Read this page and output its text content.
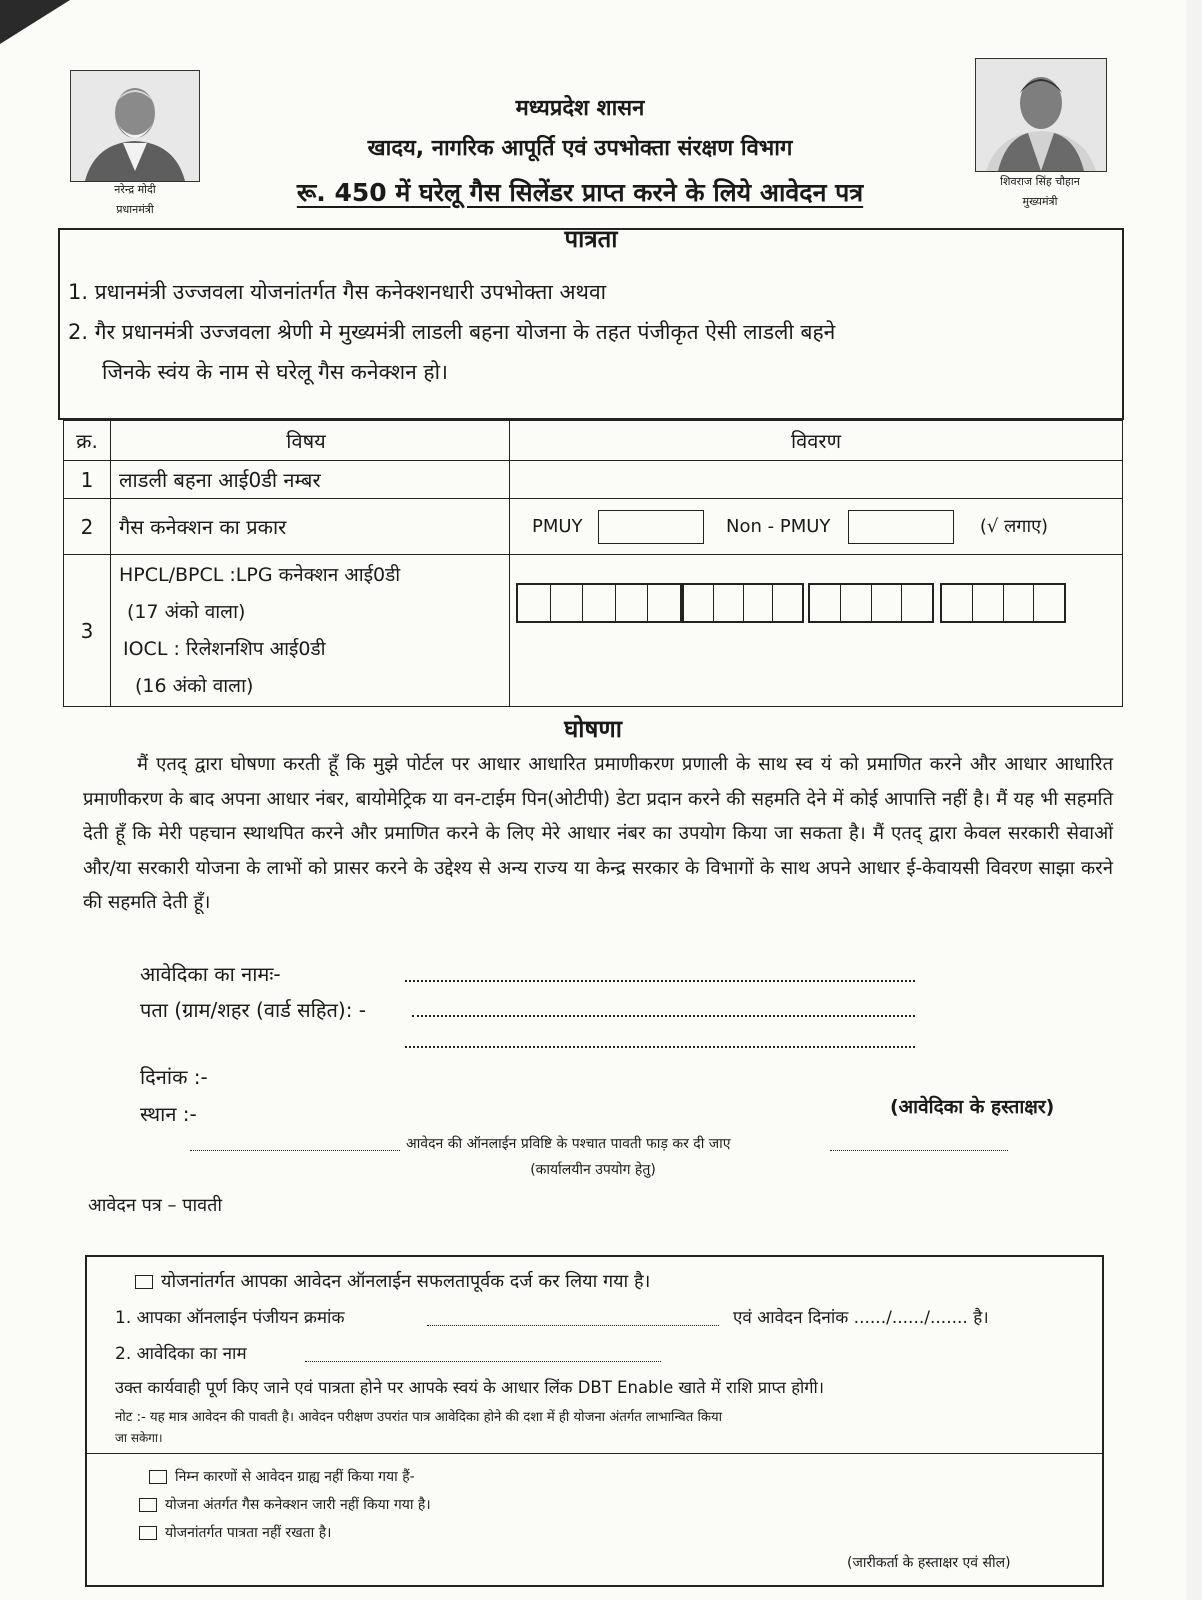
नरेन्द्र मोदी
प्रधानमंत्री
शिवराज सिंह चौहान
मुख्यमंत्री
मध्यप्रदेश शासन
खादय, नागरिक आपूर्ति एवं उपभोक्ता संरक्षण विभाग
रू. 450 में घरेलू गैस सिलेंडर प्राप्त करने के लिये आवेदन पत्र
पात्रता
1. प्रधानमंत्री उज्जवला योजनांतर्गत गैस कनेक्शनधारी उपभोक्ता अथवा
2. गैर प्रधानमंत्री उज्जवला श्रेणी मे मुख्यमंत्री लाडली बहना योजना के तहत पंजीकृत ऐसी लाडली बहने
जिनके स्वंय के नाम से घरेलू गैस कनेक्शन हो।
क्र.	विषय	विवरण
1	लाडली बहना आई0डी नम्बर	
2	गैस कनेक्शन का प्रकार	PMUY Non - PMUY (√ लगाए)
3	HPCL/BPCL :LPG कनेक्शन आई0डी
(17 अंको वाला)
IOCL : रिलेशनशिप आई0डी
(16 अंको वाला)	

घोषणा
मैं एतद् द्वारा घोषणा करती हूँ कि मुझे पोर्टल पर आधार आधारित प्रमाणीकरण प्रणाली के साथ स्व यं को प्रमाणित करने और आधार आधारित प्रमाणीकरण के बाद अपना आधार नंबर, बायोमेट्रिक या वन-टाईम पिन(ओटीपी) डेटा प्रदान करने की सहमति देने में कोई आपात्ति नहीं है। मैं यह भी सहमति देती हूँ कि मेरी पहचान स्थाथपित करने और प्रमाणित करने के लिए मेरे आधार नंबर का उपयोग किया जा सकता है। मैं एतद् द्वारा केवल सरकारी सेवाओं और/या सरकारी योजना के लाभों को प्रासर करने के उद्देश्य से अन्य राज्य या केन्द्र सरकार के विभागों के साथ अपने आधार ई-केवायसी विवरण साझा करने की सहमति देती हूँ।
आवेदिका का नामः-
पता (ग्राम/शहर (वार्ड सहित): -
दिनांक :-
स्थान :-	(आवेदिका के हस्ताक्षर)
आवेदन की ऑनलाईन प्रविष्टि के पश्चात पावती फाड़ कर दी जाए
(कार्यालयीन उपयोग हेतु)
आवेदन पत्र – पावती
योजनांतर्गत आपका आवेदन ऑनलाईन सफलतापूर्वक दर्ज कर लिया गया है।
1. आपका ऑनलाईन पंजीयन क्रमांक	एवं आवेदन दिनांक ....../....../....... है।
2. आवेदिका का नाम
उक्त कार्यवाही पूर्ण किए जाने एवं पात्रता होने पर आपके स्वयं के आधार लिंक DBT Enable खाते में राशि प्राप्त होगी।
नोट :- यह मात्र आवेदन की पावती है। आवेदन परीक्षण उपरांत पात्र आवेदिका होने की दशा में ही योजना अंतर्गत लाभान्वित किया
जा सकेगा।
निम्न कारणों से आवेदन ग्राह्य नहीं किया गया हैं-
योजना अंतर्गत गैस कनेक्शन जारी नहीं किया गया है।
योजनांतर्गत पात्रता नहीं रखता है।
(जारीकर्ता के हस्ताक्षर एवं सील)
